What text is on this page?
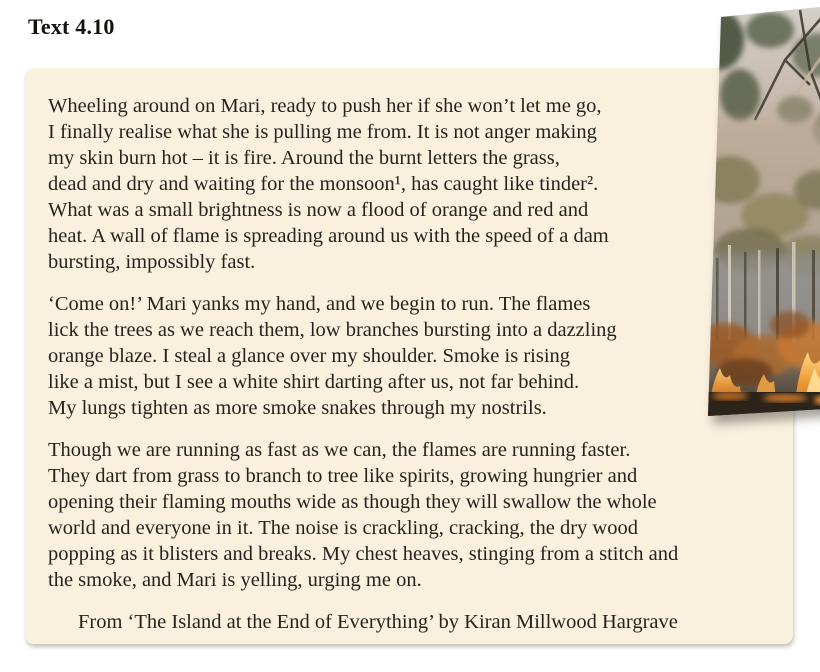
Text 4.10

Wheeling around on Mari, ready to push her if she won’t let me go,
I finally realise what she is pulling me from. It is not anger making
my skin burn hot – it is fire. Around the burnt letters the grass,
dead and dry and waiting for the monsoon¹, has caught like tinder².
What was a small brightness is now a flood of orange and red and
heat. A wall of flame is spreading around us with the speed of a dam
bursting, impossibly fast.

‘Come on!’ Mari yanks my hand, and we begin to run. The flames
lick the trees as we reach them, low branches bursting into a dazzling
orange blaze. I steal a glance over my shoulder. Smoke is rising
like a mist, but I see a white shirt darting after us, not far behind.
My lungs tighten as more smoke snakes through my nostrils.

Though we are running as fast as we can, the flames are running faster.
They dart from grass to branch to tree like spirits, growing hungrier and
opening their flaming mouths wide as though they will swallow the whole
world and everyone in it. The noise is crackling, cracking, the dry wood
popping as it blisters and breaks. My chest heaves, stinging from a stitch and
the smoke, and Mari is yelling, urging me on.

From ‘The Island at the End of Everything’ by Kiran Millwood Hargrave
